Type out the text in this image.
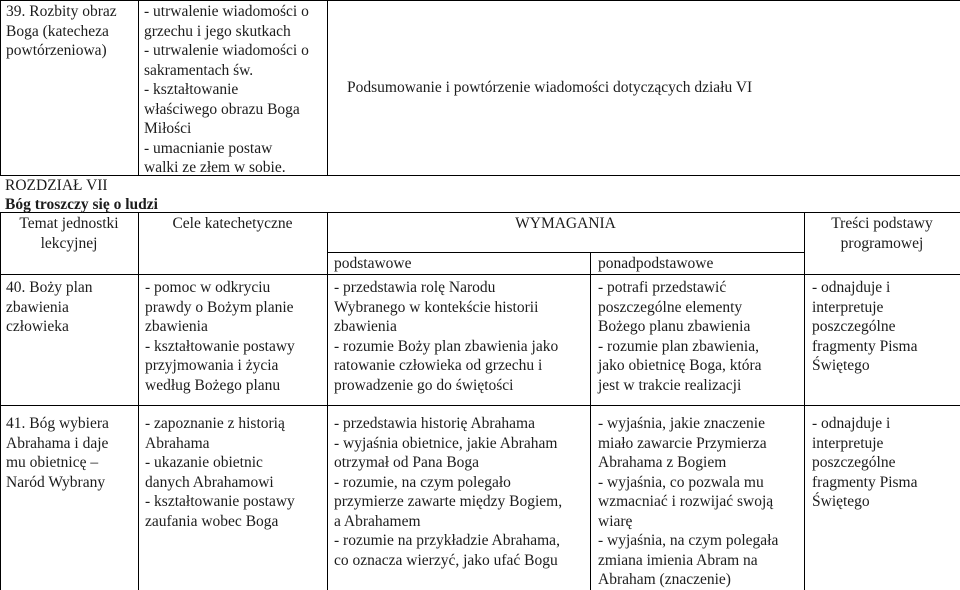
39. Rozbity obraz
Boga (katecheza
powtórzeniowa)
- utrwalenie wiadomości o
grzechu i jego skutkach
- utrwalenie wiadomości o
sakramentach św.
- kształtowanie
właściwego obrazu Boga
Miłości
- umacnianie postaw
walki ze złem w sobie.
Podsumowanie i powtórzenie wiadomości dotyczących działu VI
ROZDZIAŁ VII
Bóg troszczy się o ludzi
Temat jednostki
lekcyjnej
Cele katechetyczne	WYMAGANIA
podstawowe	ponadpodstawowe
Treści podstawy
programowej
40. Boży plan
zbawienia
człowieka
- pomoc w odkryciu
prawdy o Bożym planie
zbawienia
- kształtowanie postawy
przyjmowania i życia
według Bożego planu
- przedstawia rolę Narodu
Wybranego w kontekście historii
zbawienia
- rozumie Boży plan zbawienia jako
ratowanie człowieka od grzechu i
prowadzenie go do świętości
- potrafi przedstawić
poszczególne elementy
Bożego planu zbawienia
- rozumie plan zbawienia,
jako obietnicę Boga, która
jest w trakcie realizacji
- odnajduje i
interpretuje
poszczególne
fragmenty Pisma
Świętego
41. Bóg wybiera
Abrahama i daje
mu obietnicę –
Naród Wybrany
- zapoznanie z historią
Abrahama
- ukazanie obietnic
danych Abrahamowi
- kształtowanie postawy
zaufania wobec Boga
- przedstawia historię Abrahama
- wyjaśnia obietnice, jakie Abraham
otrzymał od Pana Boga
- rozumie, na czym polegało
przymierze zawarte między Bogiem,
a Abrahamem
- rozumie na przykładzie Abrahama,
co oznacza wierzyć, jako ufać Bogu
- wyjaśnia, jakie znaczenie
miało zawarcie Przymierza
Abrahama z Bogiem
- wyjaśnia, co pozwala mu
wzmacniać i rozwijać swoją
wiarę
- wyjaśnia, na czym polegała
zmiana imienia Abram na
Abraham (znaczenie)
- odnajduje i
interpretuje
poszczególne
fragmenty Pisma
Świętego
